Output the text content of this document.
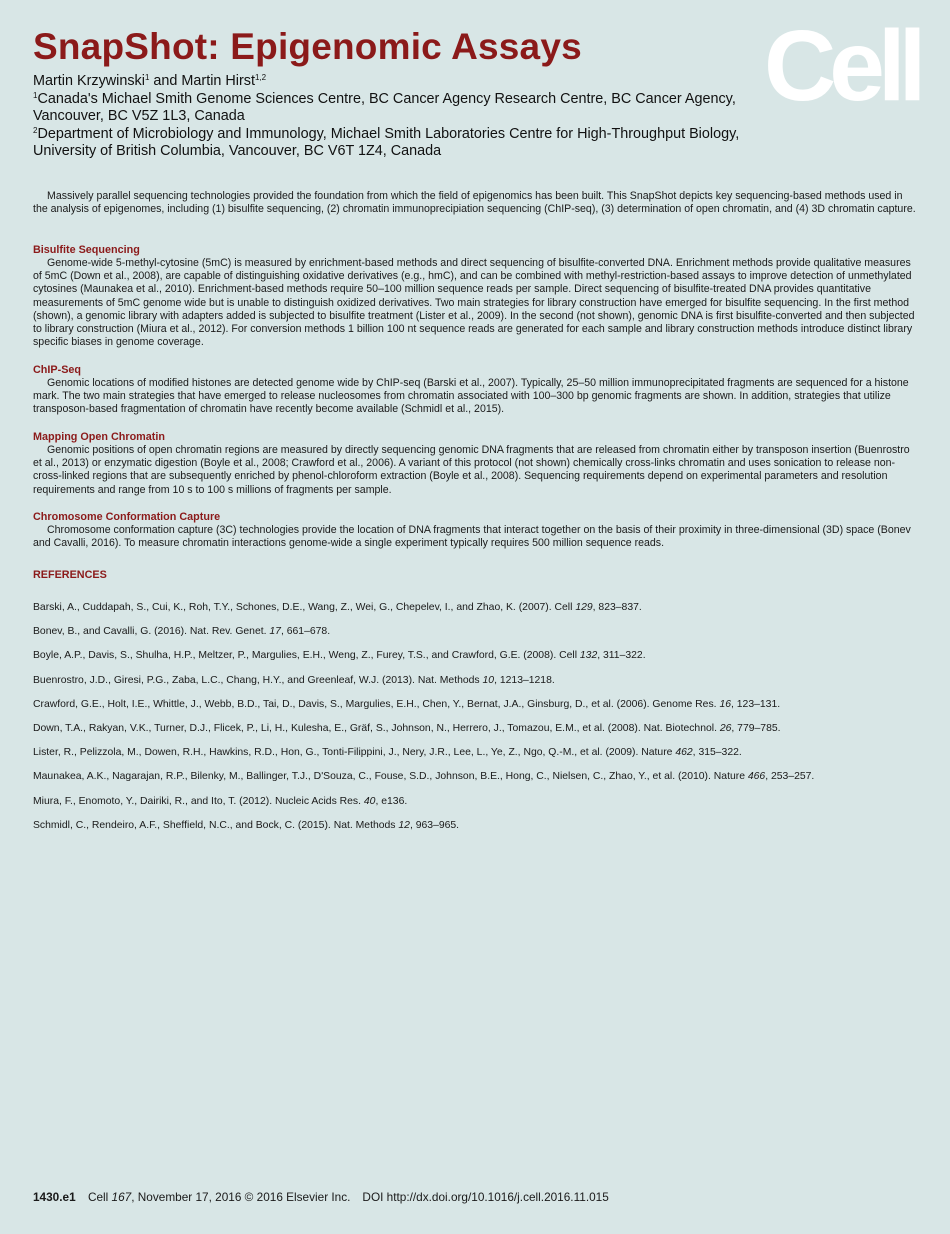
SnapShot: Epigenomic Assays Cell
Martin Krzywinski$^1$ and Martin Hirst$^{1,2}$
$^1$Canada's Michael Smith Genome Sciences Centre, BC Cancer Agency Research Centre, BC Cancer Agency,
Vancouver, BC V5Z 1L3, Canada
$^2$Department of Microbiology and Immunology, Michael Smith Laboratories Centre for High-Throughput Biology,
University of British Columbia, Vancouver, BC V6T 1Z4, Canada

Massively parallel sequencing technologies provided the foundation from which the field of epigenomics has been built. This SnapShot depicts key sequencing-based methods used in the analysis of epigenomes, including (1) bisulfite sequencing, (2) chromatin immunoprecipiation sequencing (ChIP-seq), (3) determination of open chromatin, and (4) 3D chromatin capture.

Bisulfite Sequencing

Genome-wide 5-methyl-cytosine (5mC) is measured by enrichment-based methods and direct sequencing of bisulfite-converted DNA. Enrichment methods provide qualitative measures of 5mC (Down et al., 2008), are capable of distinguishing oxidative derivatives (e.g., hmC), and can be combined with methyl-restriction-based assays to improve detection of unmethylated cytosines (Maunakea et al., 2010). Enrichment-based methods require 50–100 million sequence reads per sample. Direct sequencing of bisulfite-treated DNA provides quantitative measurements of 5mC genome wide but is unable to distinguish oxidized derivatives. Two main strategies for library construction have emerged for bisulfite sequencing. In the first method (shown), a genomic library with adapters added is subjected to bisulfite treatment (Lister et al., 2009). In the second (not shown), genomic DNA is first bisulfite-converted and then subjected to library construction (Miura et al., 2012). For conversion methods 1 billion 100 nt sequence reads are generated for each sample and library construction methods introduce distinct library specific biases in genome coverage.

ChIP-Seq

Genomic locations of modified histones are detected genome wide by ChIP-seq (Barski et al., 2007). Typically, 25–50 million immunoprecipitated fragments are sequenced for a histone mark. The two main strategies that have emerged to release nucleosomes from chromatin associated with 100–300 bp genomic fragments are shown. In addition, strategies that utilize transposon-based fragmentation of chromatin have recently become available (Schmidl et al., 2015).

Mapping Open Chromatin

Genomic positions of open chromatin regions are measured by directly sequencing genomic DNA fragments that are released from chromatin either by transposon insertion (Buenrostro et al., 2013) or enzymatic digestion (Boyle et al., 2008; Crawford et al., 2006). A variant of this protocol (not shown) chemically cross-links chromatin and uses sonication to release non-cross-linked regions that are subsequently enriched by phenol-chloroform extraction (Boyle et al., 2008). Sequencing requirements depend on experimental parameters and resolution requirements and range from 10 s to 100 s millions of fragments per sample.

Chromosome Conformation Capture

Chromosome conformation capture (3C) technologies provide the location of DNA fragments that interact together on the basis of their proximity in three-dimensional (3D) space (Bonev and Cavalli, 2016). To measure chromatin interactions genome-wide a single experiment typically requires 500 million sequence reads.

REFERENCES
Barski, A., Cuddapah, S., Cui, K., Roh, T.Y., Schones, D.E., Wang, Z., Wei, G., Chepelev, I., and Zhao, K. (2007). Cell 129, 823–837.
Bonev, B., and Cavalli, G. (2016). Nat. Rev. Genet. 17, 661–678.
Boyle, A.P., Davis, S., Shulha, H.P., Meltzer, P., Margulies, E.H., Weng, Z., Furey, T.S., and Crawford, G.E. (2008). Cell 132, 311–322.
Buenrostro, J.D., Giresi, P.G., Zaba, L.C., Chang, H.Y., and Greenleaf, W.J. (2013). Nat. Methods 10, 1213–1218.
Crawford, G.E., Holt, I.E., Whittle, J., Webb, B.D., Tai, D., Davis, S., Margulies, E.H., Chen, Y., Bernat, J.A., Ginsburg, D., et al. (2006). Genome Res. 16, 123–131.
Down, T.A., Rakyan, V.K., Turner, D.J., Flicek, P., Li, H., Kulesha, E., Gräf, S., Johnson, N., Herrero, J., Tomazou, E.M., et al. (2008). Nat. Biotechnol. 26, 779–785.
Lister, R., Pelizzola, M., Dowen, R.H., Hawkins, R.D., Hon, G., Tonti-Filippini, J., Nery, J.R., Lee, L., Ye, Z., Ngo, Q.-M., et al. (2009). Nature 462, 315–322.
Maunakea, A.K., Nagarajan, R.P., Bilenky, M., Ballinger, T.J., D'Souza, C., Fouse, S.D., Johnson, B.E., Hong, C., Nielsen, C., Zhao, Y., et al. (2010). Nature 466, 253–257.
Miura, F., Enomoto, Y., Dairiki, R., and Ito, T. (2012). Nucleic Acids Res. 40, e136.
Schmidl, C., Rendeiro, A.F., Sheffield, N.C., and Bock, C. (2015). Nat. Methods 12, 963–965.
1430.e1 Cell 167, November 17, 2016 © 2016 Elsevier Inc. DOI http://dx.doi.org/10.1016/j.cell.2016.11.015
